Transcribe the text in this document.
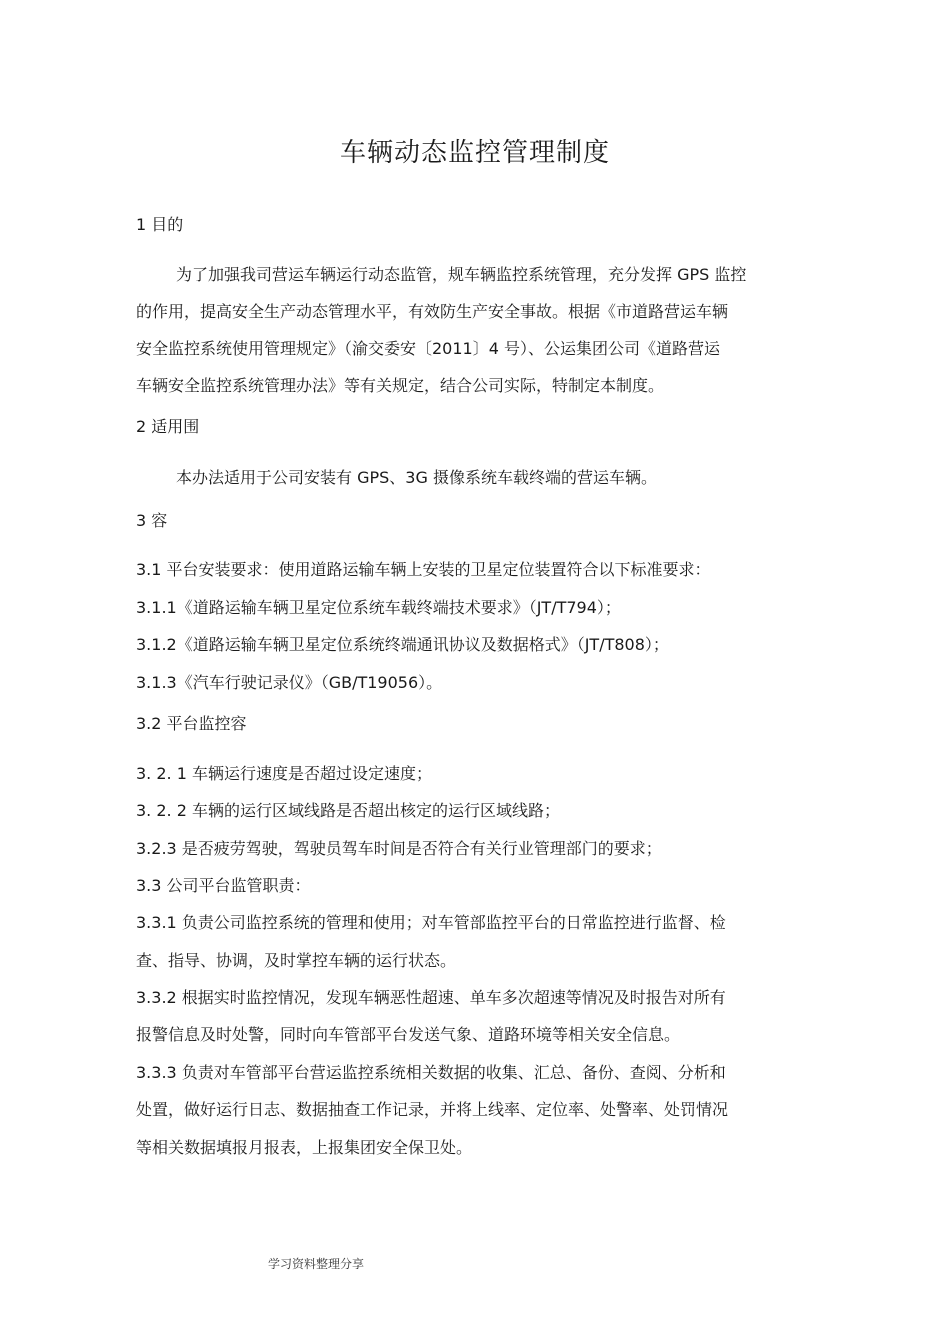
车辆动态监控管理制度
1 目的
为了加强我司营运车辆运行动态监管，规车辆监控系统管理，充分发挥 GPS 监控
的作用，提高安全生产动态管理水平，有效防生产安全事故。根据《市道路营运车辆
安全监控系统使用管理规定》（渝交委安〔2011〕4 号）、公运集团公司《道路营运
车辆安全监控系统管理办法》等有关规定，结合公司实际，特制定本制度。
2 适用围
本办法适用于公司安装有 GPS、3G 摄像系统车载终端的营运车辆。
3 容
3.1 平台安装要求：使用道路运输车辆上安装的卫星定位装置符合以下标准要求：
3.1.1《道路运输车辆卫星定位系统车载终端技术要求》（JT/T794）；
3.1.2《道路运输车辆卫星定位系统终端通讯协议及数据格式》（JT/T808）；
3.1.3《汽车行驶记录仪》（GB/T19056）。
3.2 平台监控容
3. 2. 1 车辆运行速度是否超过设定速度；
3. 2. 2 车辆的运行区域线路是否超出核定的运行区域线路；
3.2.3 是否疲劳驾驶，驾驶员驾车时间是否符合有关行业管理部门的要求；
3.3 公司平台监管职责：
3.3.1 负责公司监控系统的管理和使用；对车管部监控平台的日常监控进行监督、检
查、指导、协调，及时掌控车辆的运行状态。
3.3.2 根据实时监控情况，发现车辆恶性超速、单车多次超速等情况及时报告对所有
报警信息及时处警，同时向车管部平台发送气象、道路环境等相关安全信息。
3.3.3 负责对车管部平台营运监控系统相关数据的收集、汇总、备份、查阅、分析和
处置，做好运行日志、数据抽查工作记录，并将上线率、定位率、处警率、处罚情况
等相关数据填报月报表，上报集团安全保卫处。
学习资料整理分享
